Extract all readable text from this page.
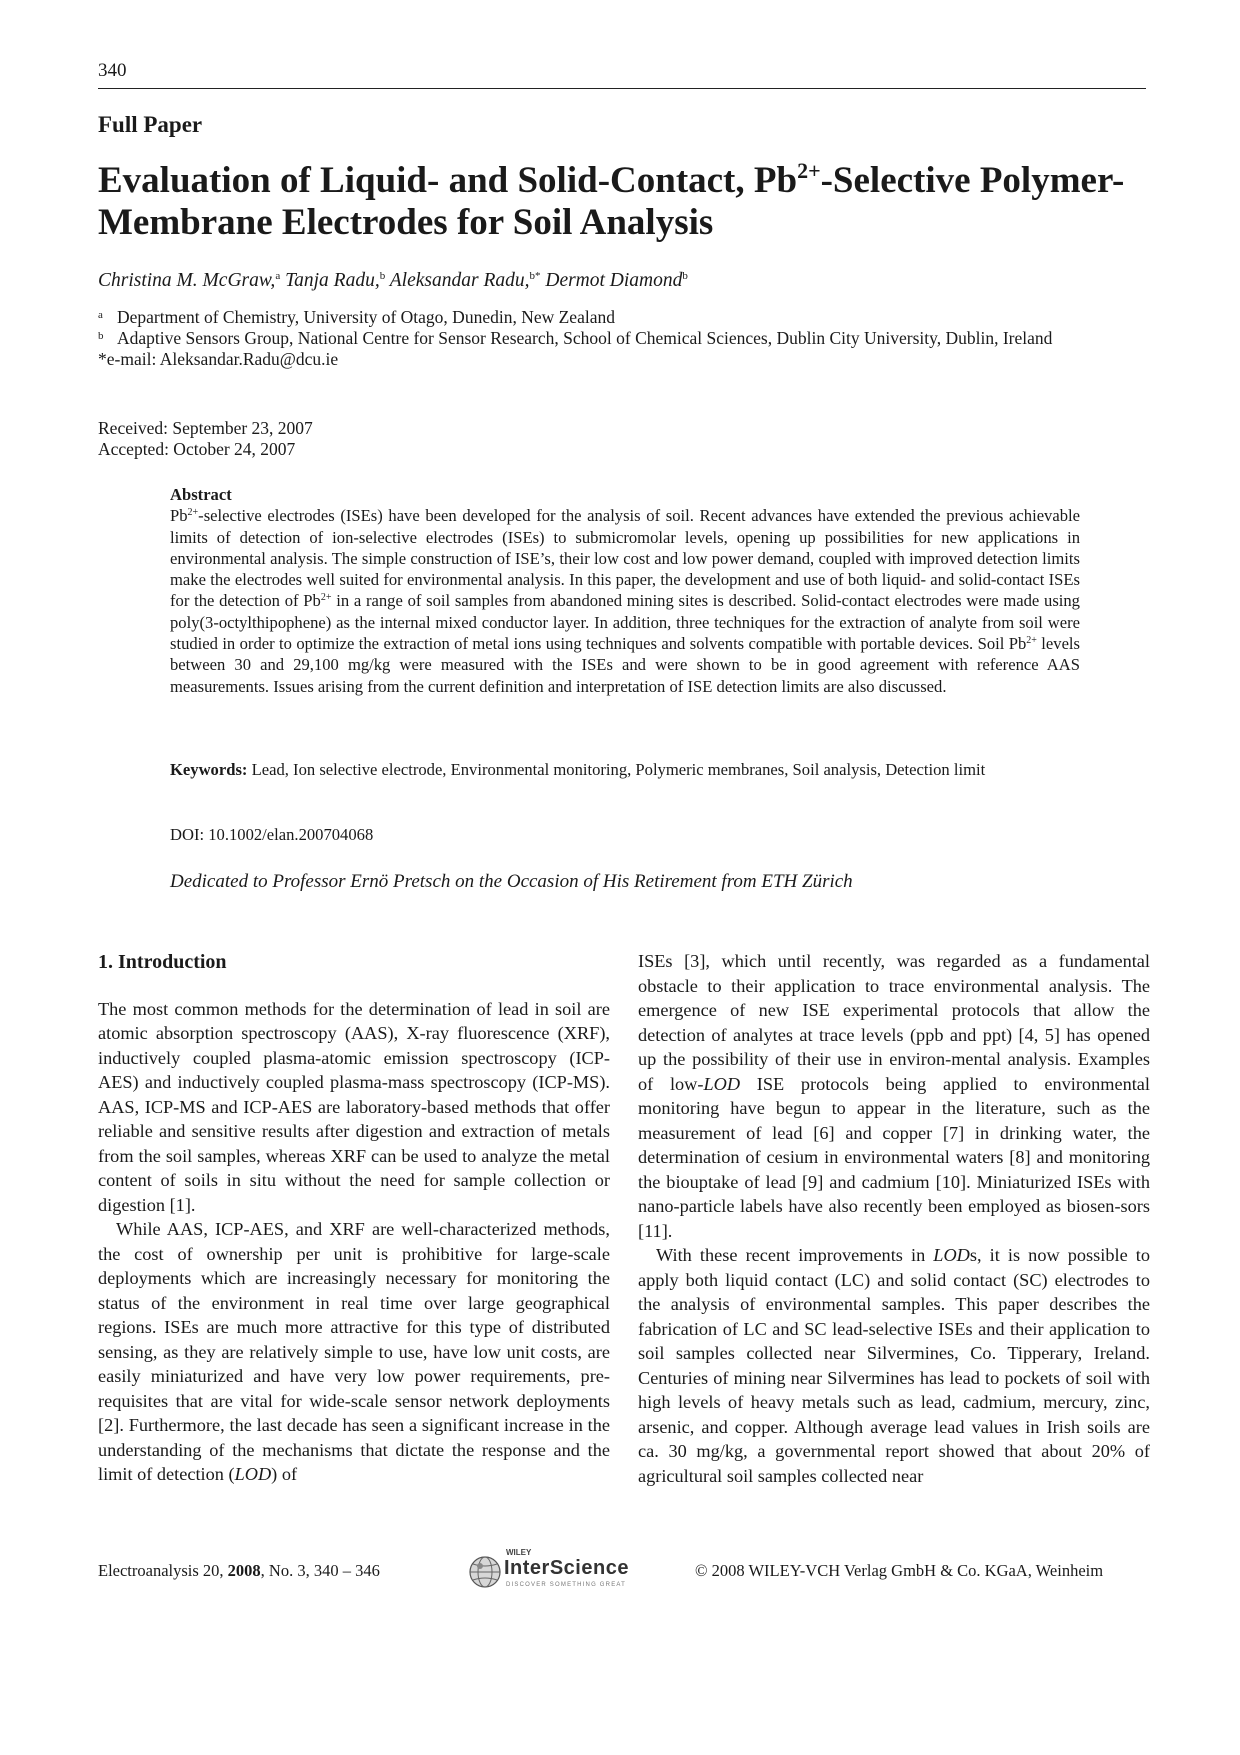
340
Full Paper
Evaluation of Liquid- and Solid-Contact, $Pb^{2+}$-Selective Polymer-Membrane Electrodes for Soil Analysis
Christina M. McGraw,$^a$ Tanja Radu,$^b$ Aleksandar Radu,$^{b*}$ Dermot Diamond$^b$
a Department of Chemistry, University of Otago, Dunedin, New Zealand
b Adaptive Sensors Group, National Centre for Sensor Research, School of Chemical Sciences, Dublin City University, Dublin, Ireland
*e-mail: Aleksandar.Radu@dcu.ie
Received: September 23, 2007
Accepted: October 24, 2007
Abstract
$Pb^{2+}$-selective electrodes (ISEs) have been developed for the analysis of soil. Recent advances have extended the previous achievable limits of detection of ion-selective electrodes (ISEs) to submicromolar levels, opening up possibilities for new applications in environmental analysis. The simple construction of ISE’s, their low cost and low power demand, coupled with improved detection limits make the electrodes well suited for environmental analysis. In this paper, the development and use of both liquid- and solid-contact ISEs for the detection of $Pb^{2+}$ in a range of soil samples from abandoned mining sites is described. Solid-contact electrodes were made using poly(3-octylthipophene) as the internal mixed conductor layer. In addition, three techniques for the extraction of analyte from soil were studied in order to optimize the extraction of metal ions using techniques and solvents compatible with portable devices. Soil $Pb^{2+}$ levels between 30 and 29,100 mg/kg were measured with the ISEs and were shown to be in good agreement with reference AAS measurements. Issues arising from the current definition and interpretation of ISE detection limits are also discussed.
Keywords: Lead, Ion selective electrode, Environmental monitoring, Polymeric membranes, Soil analysis, Detection limit
DOI: 10.1002/elan.200704068
Dedicated to Professor Ernö Pretsch on the Occasion of His Retirement from ETH Zürich
1. Introduction

The most common methods for the determination of lead in soil are atomic absorption spectroscopy (AAS), X-ray fluorescence (XRF), inductively coupled plasma-atomic emission spectroscopy (ICP-AES) and inductively coupled plasma-mass spectroscopy (ICP-MS). AAS, ICP-MS and ICP-AES are laboratory-based methods that offer reliable and sensitive results after digestion and extraction of metals from the soil samples, whereas XRF can be used to analyze the metal content of soils in situ without the need for sample collection or digestion [1].

While AAS, ICP-AES, and XRF are well-characterized methods, the cost of ownership per unit is prohibitive for large-scale deployments which are increasingly necessary for monitoring the status of the environment in real time over large geographical regions. ISEs are much more attractive for this type of distributed sensing, as they are relatively simple to use, have low unit costs, are easily miniaturized and have very low power requirements, pre-requisites that are vital for wide-scale sensor network deployments [2]. Furthermore, the last decade has seen a significant increase in the understanding of the mechanisms that dictate the response and the limit of detection (LOD) of

ISEs [3], which until recently, was regarded as a fundamental obstacle to their application to trace environmental analysis. The emergence of new ISE experimental protocols that allow the detection of analytes at trace levels (ppb and ppt) [4, 5] has opened up the possibility of their use in environ-mental analysis. Examples of low-LOD ISE protocols being applied to environmental monitoring have begun to appear in the literature, such as the measurement of lead [6] and copper [7] in drinking water, the determination of cesium in environmental waters [8] and monitoring the biouptake of lead [9] and cadmium [10]. Miniaturized ISEs with nano-particle labels have also recently been employed as biosen-sors [11].

With these recent improvements in LODs, it is now possible to apply both liquid contact (LC) and solid contact (SC) electrodes to the analysis of environmental samples. This paper describes the fabrication of LC and SC lead-selective ISEs and their application to soil samples collected near Silvermines, Co. Tipperary, Ireland. Centuries of mining near Silvermines has lead to pockets of soil with high levels of heavy metals such as lead, cadmium, mercury, zinc, arsenic, and copper. Although average lead values in Irish soils are ca. 30 mg/kg, a governmental report showed that about 20% of agricultural soil samples collected near

Electroanalysis 20, 2008, No. 3, 340 – 346
WILEY
InterScience
DISCOVER SOMETHING GREAT
© 2008 WILEY-VCH Verlag GmbH & Co. KGaA, Weinheim
